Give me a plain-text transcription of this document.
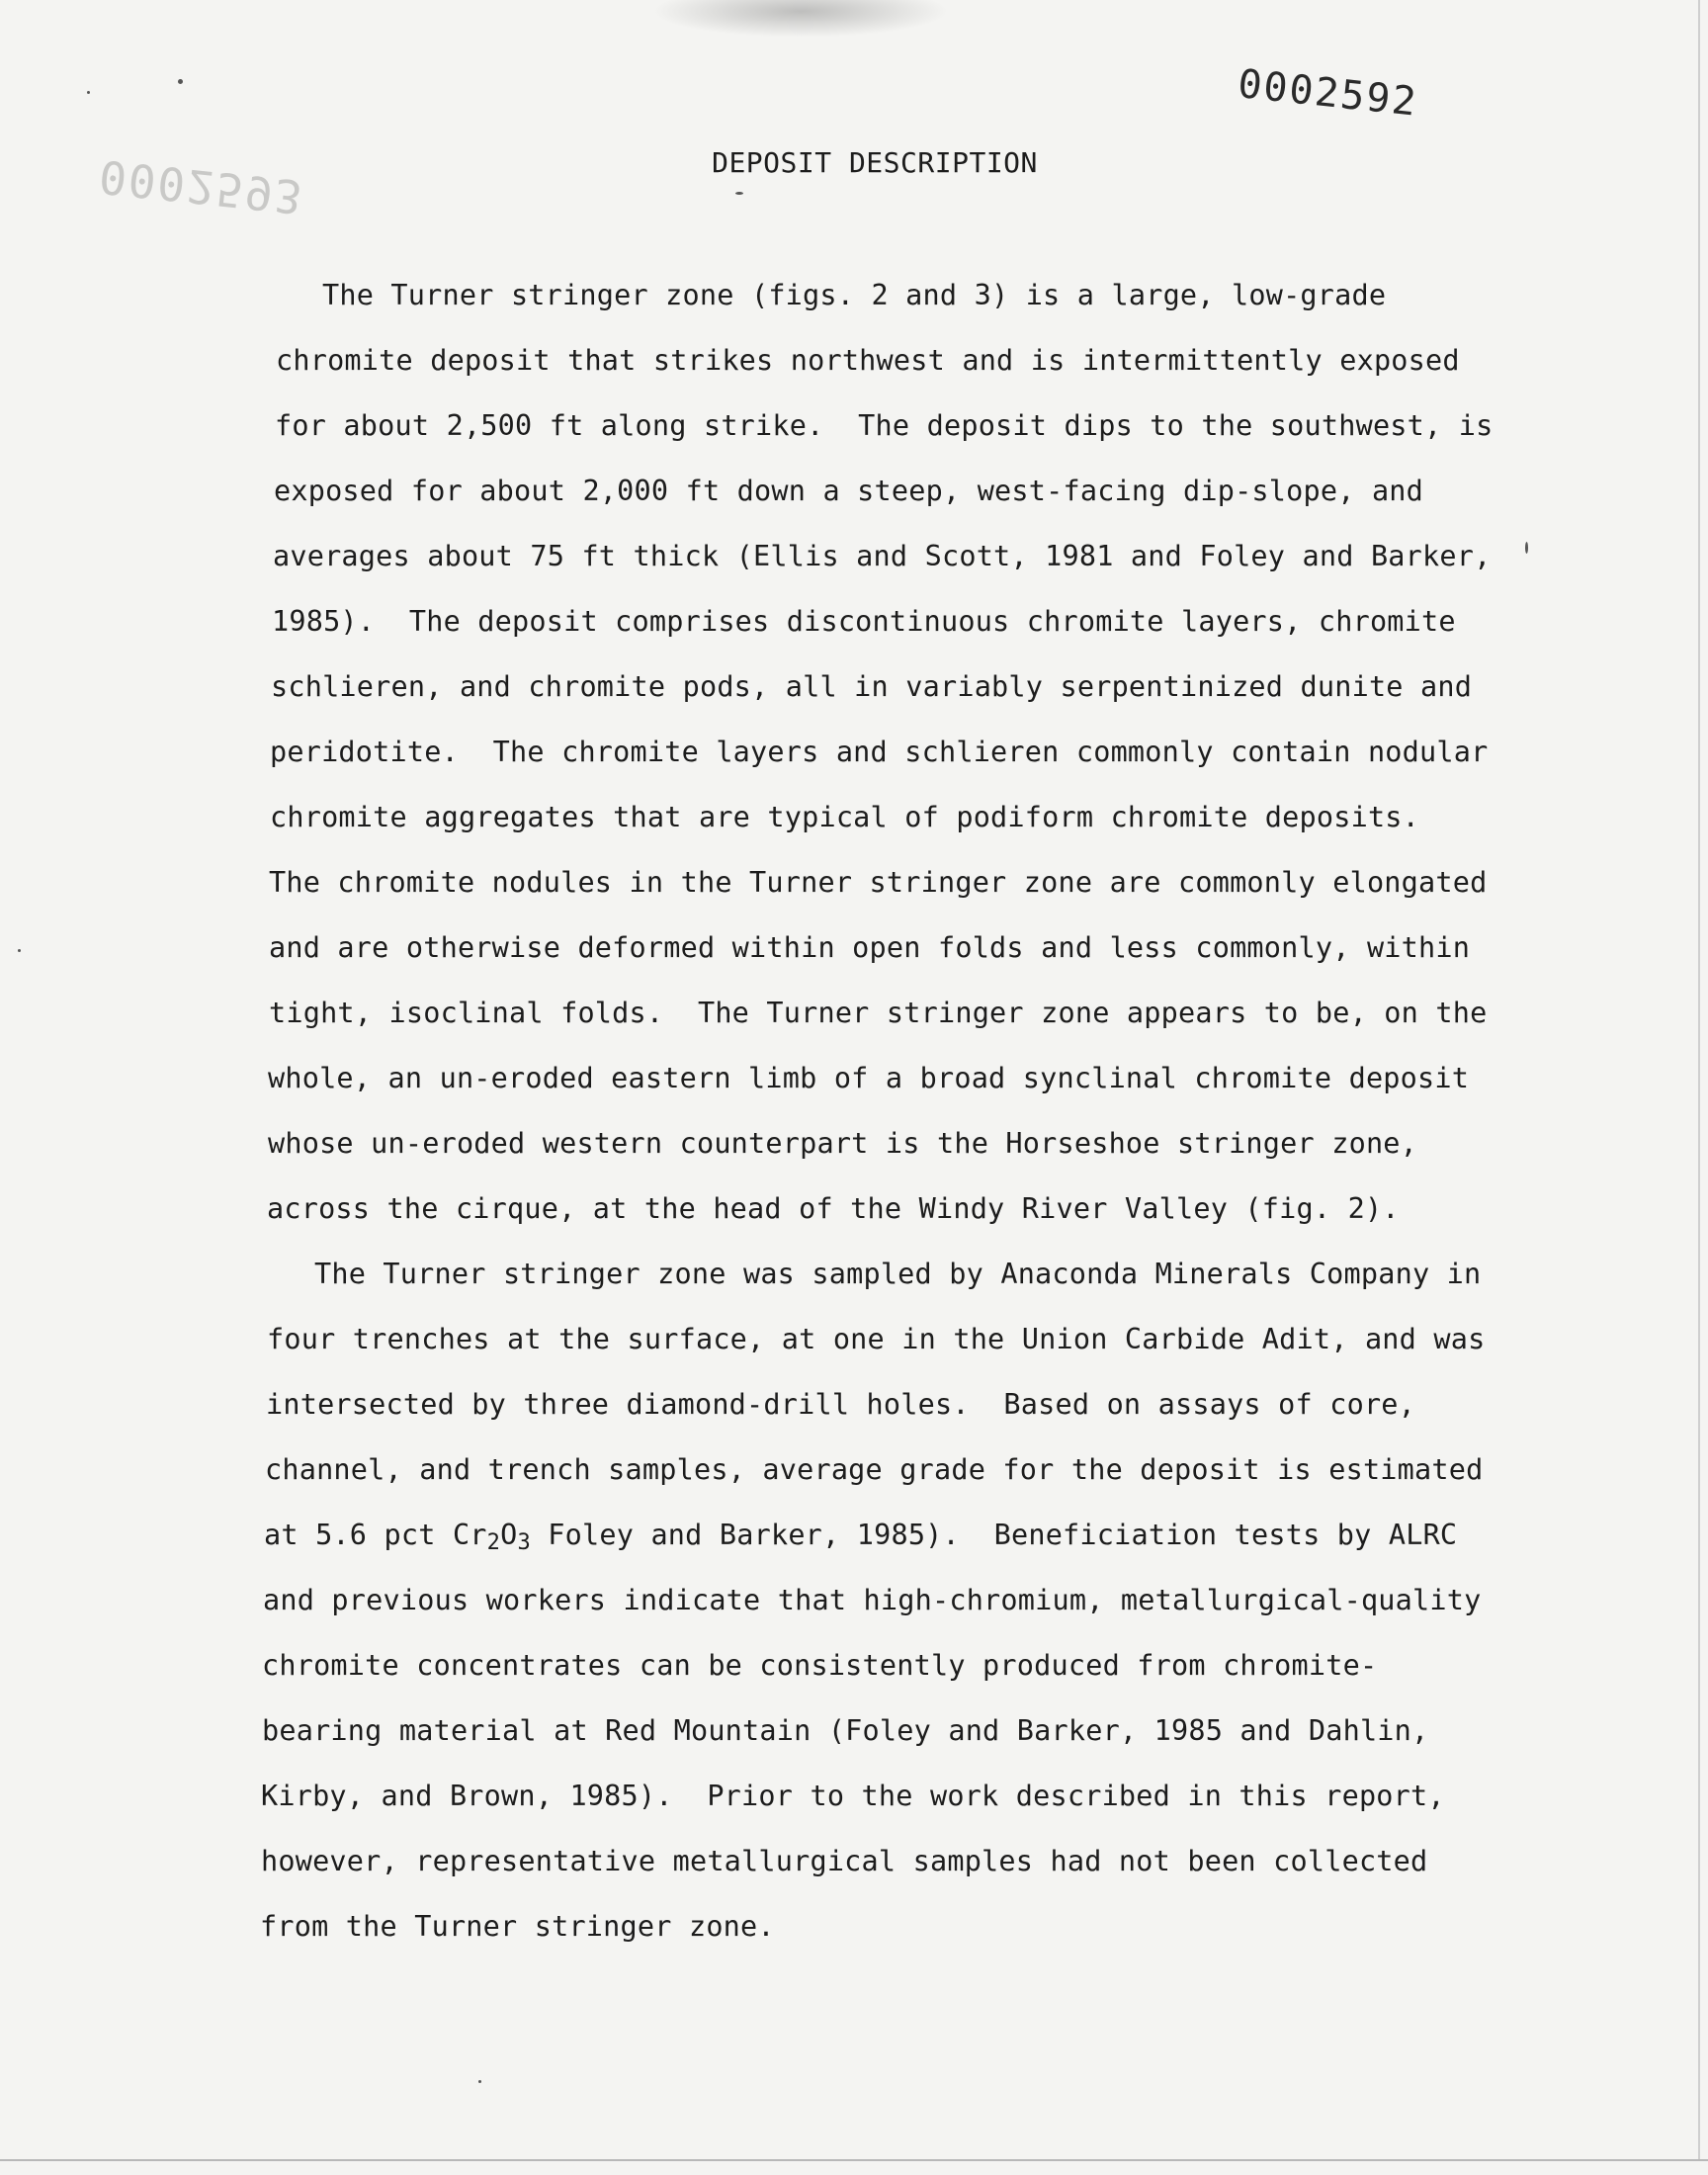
0002592
0002593	DEPOSIT DESCRIPTION
The Turner stringer zone (figs. 2 and 3) is a large, low-grade
chromite deposit that strikes northwest and is intermittently exposed
for about 2,500 ft along strike.  The deposit dips to the southwest, is
exposed for about 2,000 ft down a steep, west-facing dip-slope, and
averages about 75 ft thick (Ellis and Scott, 1981 and Foley and Barker,
1985).  The deposit comprises discontinuous chromite layers, chromite
schlieren, and chromite pods, all in variably serpentinized dunite and
peridotite.  The chromite layers and schlieren commonly contain nodular
chromite aggregates that are typical of podiform chromite deposits.
The chromite nodules in the Turner stringer zone are commonly elongated
and are otherwise deformed within open folds and less commonly, within
tight, isoclinal folds.  The Turner stringer zone appears to be, on the
whole, an un-eroded eastern limb of a broad synclinal chromite deposit
whose un-eroded western counterpart is the Horseshoe stringer zone,
across the cirque, at the head of the Windy River Valley (fig. 2).
The Turner stringer zone was sampled by Anaconda Minerals Company in
four trenches at the surface, at one in the Union Carbide Adit, and was
intersected by three diamond-drill holes.  Based on assays of core,
channel, and trench samples, average grade for the deposit is estimated
at 5.6 pct $Cr_2O_3$ Foley and Barker, 1985).  Beneficiation tests by ALRC
and previous workers indicate that high-chromium, metallurgical-quality
chromite concentrates can be consistently produced from chromite-
bearing material at Red Mountain (Foley and Barker, 1985 and Dahlin,
Kirby, and Brown, 1985).  Prior to the work described in this report,
however, representative metallurgical samples had not been collected
from the Turner stringer zone.
